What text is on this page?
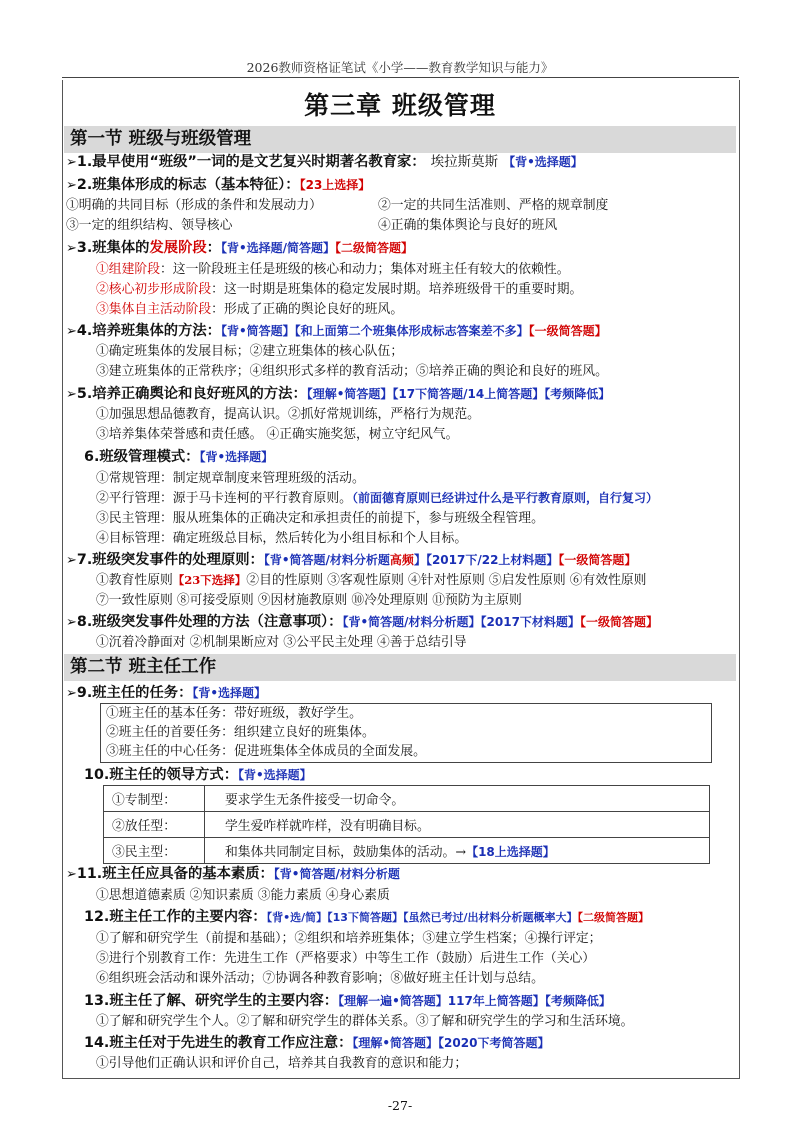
2026教师资格证笔试《小学——教育教学知识与能力》
第三章 班级管理
第一节 班级与班级管理
➢1.最早使用“班级”一词的是文艺复兴时期著名教育家： 埃拉斯莫斯 【背•选择题】
➢2.班集体形成的标志（基本特征）：【23上选择】
①明确的共同目标（形成的条件和发展动力）	②一定的共同生活准则、严格的规章制度
③一定的组织结构、领导核心	④正确的集体舆论与良好的班风
➢3.班集体的发展阶段：【背•选择题/简答题】【二级简答题】
①组建阶段：这一阶段班主任是班级的核心和动力；集体对班主任有较大的依赖性。
②核心初步形成阶段：这一时期是班集体的稳定发展时期。培养班级骨干的重要时期。
③集体自主活动阶段：形成了正确的舆论良好的班风。
➢4.培养班集体的方法：【背•简答题】【和上面第二个班集体形成标志答案差不多】【一级简答题】
①确定班集体的发展目标；②建立班集体的核心队伍；
③建立班集体的正常秩序；④组织形式多样的教育活动；⑤培养正确的舆论和良好的班风。
➢5.培养正确舆论和良好班风的方法：【理解•简答题】【17下简答题/14上简答题】【考频降低】
①加强思想品德教育，提高认识。②抓好常规训练，严格行为规范。
③培养集体荣誉感和责任感。 ④正确实施奖惩，树立守纪风气。
6.班级管理模式：【背•选择题】
①常规管理：制定规章制度来管理班级的活动。
②平行管理：源于马卡连柯的平行教育原则。（前面德育原则已经讲过什么是平行教育原则，自行复习）
③民主管理：服从班集体的正确决定和承担责任的前提下，参与班级全程管理。
④目标管理：确定班级总目标，然后转化为小组目标和个人目标。
➢7.班级突发事件的处理原则：【背•简答题/材料分析题高频】【2017下/22上材料题】【一级简答题】
①教育性原则【23下选择】②目的性原则 ③客观性原则 ④针对性原则 ⑤启发性原则 ⑥有效性原则
⑦一致性原则 ⑧可接受原则 ⑨因材施教原则 ⑩冷处理原则 ⑪预防为主原则
➢8.班级突发事件处理的方法（注意事项）：【背•简答题/材料分析题】【2017下材料题】【一级简答题】
①沉着冷静面对 ②机制果断应对 ③公平民主处理 ④善于总结引导
第二节 班主任工作
➢9.班主任的任务：【背•选择题】
①班主任的基本任务：带好班级，教好学生。
②班主任的首要任务：组织建立良好的班集体。
③班主任的中心任务：促进班集体全体成员的全面发展。
10.班主任的领导方式：【背•选择题】
①专制型：	要求学生无条件接受一切命令。
②放任型：	学生爱咋样就咋样，没有明确目标。
③民主型：	和集体共同制定目标，鼓励集体的活动。→【18上选择题】
➢11.班主任应具备的基本素质：【背•简答题/材料分析题
①思想道德素质 ②知识素质 ③能力素质 ④身心素质
12.班主任工作的主要内容：【背•选/简】【13下简答题】【虽然已考过/出材料分析题概率大】【二级简答题】
①了解和研究学生（前提和基础）；②组织和培养班集体；③建立学生档案；④操行评定；
⑤进行个别教育工作：先进生工作（严格要求）中等生工作（鼓励）后进生工作（关心）
⑥组织班会活动和课外活动；⑦协调各种教育影响；⑧做好班主任计划与总结。
13.班主任了解、研究学生的主要内容：【理解一遍•简答题】117年上简答题】【考频降低】
①了解和研究学生个人。②了解和研究学生的群体关系。③了解和研究学生的学习和生活环境。
14.班主任对于先进生的教育工作应注意：【理解•简答题】【2020下考简答题】
①引导他们正确认识和评价自己，培养其自我教育的意识和能力；
-27-
